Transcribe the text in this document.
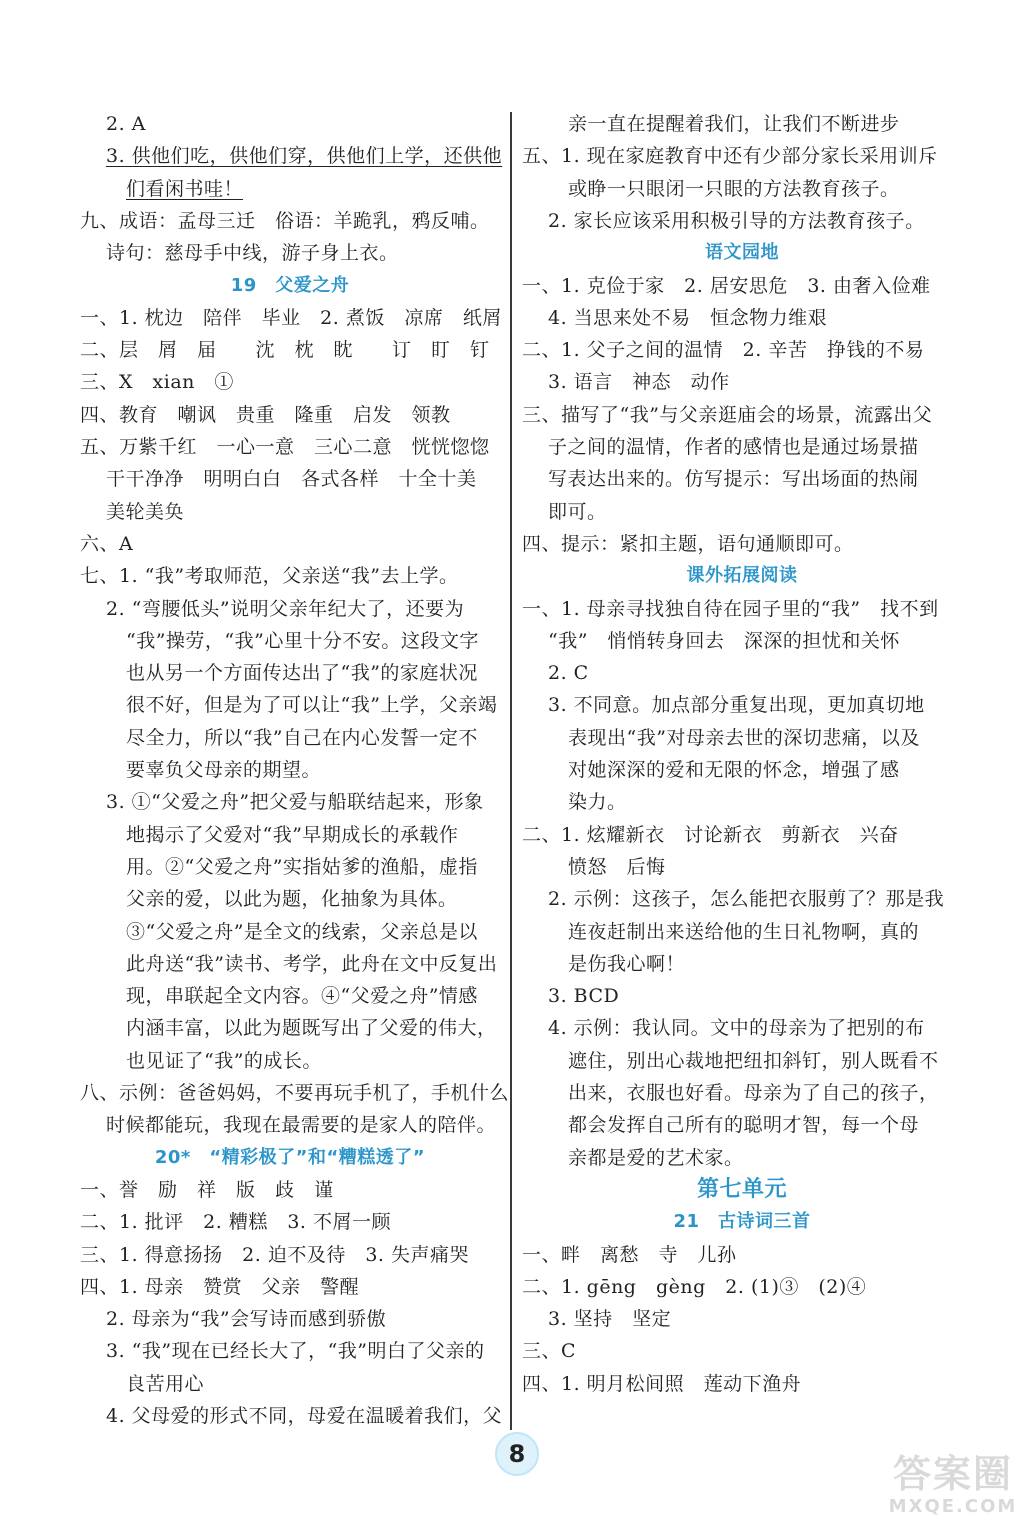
2. A
3. 供他们吃，供他们穿，供他们上学，还供他
们看闲书哇！
九、成语：孟母三迁　俗语：羊跪乳，鸦反哺。
诗句：慈母手中线，游子身上衣。
19　父爱之舟
一、1. 枕边　陪伴　毕业　2. 煮饭　凉席　纸屑
二、层　屑　届　　沈　枕　眈　　订　盯　钉
三、X　xian　①
四、教育　嘲讽　贵重　隆重　启发　领教
五、万紫千红　一心一意　三心二意　恍恍惚惚
干干净净　明明白白　各式各样　十全十美
美轮美奂
六、A
七、1. “我”考取师范，父亲送“我”去上学。
2. “弯腰低头”说明父亲年纪大了，还要为
“我”操劳，“我”心里十分不安。这段文字
也从另一个方面传达出了“我”的家庭状况
很不好，但是为了可以让“我”上学，父亲竭
尽全力，所以“我”自己在内心发誓一定不
要辜负父母亲的期望。
3. ①“父爱之舟”把父爱与船联结起来，形象
地揭示了父爱对“我”早期成长的承载作
用。②“父爱之舟”实指姑爹的渔船，虚指
父亲的爱，以此为题，化抽象为具体。
③“父爱之舟”是全文的线索，父亲总是以
此舟送“我”读书、考学，此舟在文中反复出
现，串联起全文内容。④“父爱之舟”情感
内涵丰富，以此为题既写出了父爱的伟大，
也见证了“我”的成长。
八、示例：爸爸妈妈，不要再玩手机了，手机什么
时候都能玩，我现在最需要的是家人的陪伴。
20*　“精彩极了”和“糟糕透了”
一、誉　励　祥　版　歧　谨
二、1. 批评　2. 糟糕　3. 不屑一顾
三、1. 得意扬扬　2. 迫不及待　3. 失声痛哭
四、1. 母亲　赞赏　父亲　警醒
2. 母亲为“我”会写诗而感到骄傲
3. “我”现在已经长大了，“我”明白了父亲的
良苦用心
4. 父母爱的形式不同，母爱在温暖着我们，父
亲一直在提醒着我们，让我们不断进步
五、1. 现在家庭教育中还有少部分家长采用训斥
或睁一只眼闭一只眼的方法教育孩子。
2. 家长应该采用积极引导的方法教育孩子。
语文园地
一、1. 克俭于家　2. 居安思危　3. 由奢入俭难
4. 当思来处不易　恒念物力维艰
二、1. 父子之间的温情　2. 辛苦　挣钱的不易
3. 语言　神态　动作
三、描写了“我”与父亲逛庙会的场景，流露出父
子之间的温情，作者的感情也是通过场景描
写表达出来的。仿写提示：写出场面的热闹
即可。
四、提示：紧扣主题，语句通顺即可。
课外拓展阅读
一、1. 母亲寻找独自待在园子里的“我”　找不到
“我”　悄悄转身回去　深深的担忧和关怀
2. C
3. 不同意。加点部分重复出现，更加真切地
表现出“我”对母亲去世的深切悲痛，以及
对她深深的爱和无限的怀念，增强了感
染力。
二、1. 炫耀新衣　讨论新衣　剪新衣　兴奋
愤怒　后悔
2. 示例：这孩子，怎么能把衣服剪了？那是我
连夜赶制出来送给他的生日礼物啊，真的
是伤我心啊！
3. BCD
4. 示例：我认同。文中的母亲为了把别的布
遮住，别出心裁地把纽扣斜钉，别人既看不
出来，衣服也好看。母亲为了自己的孩子，
都会发挥自己所有的聪明才智，每一个母
亲都是爱的艺术家。
第七单元
21　古诗词三首
一、畔　离愁　寺　儿孙
二、1. gēng　gèng　2. (1)③　(2)④
3. 坚持　坚定
三、C
四、1. 明月松间照　莲动下渔舟
8	答案圈
MXQE.COM
